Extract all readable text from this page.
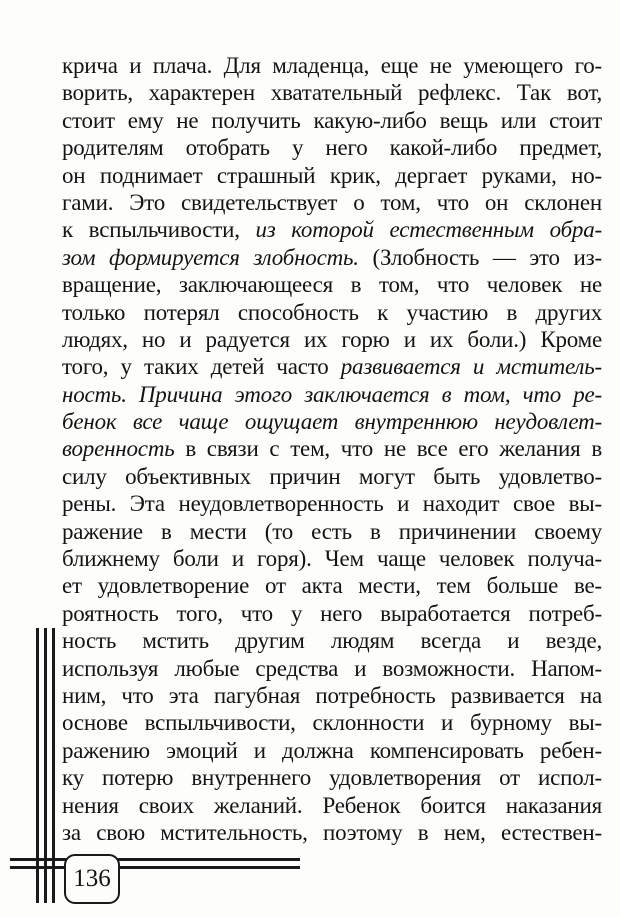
крича и плача. Для младенца, еще не умеющего го-
ворить, характерен хватательный рефлекс. Так вот,
стоит ему не получить какую-либо вещь или стоит
родителям отобрать у него какой-либо предмет,
он поднимает страшный крик, дергает руками, но-
гами. Это свидетельствует о том, что он склонен
к вспыльчивости, из которой естественным обра-
зом формируется злобность. (Злобность — это из-
вращение, заключающееся в том, что человек не
только потерял способность к участию в других
людях, но и радуется их горю и их боли.) Кроме
того, у таких детей часто развивается и мститель-
ность. Причина этого заключается в том, что ре-
бенок все чаще ощущает внутреннюю неудовлет-
воренность в связи с тем, что не все его желания в
силу объективных причин могут быть удовлетво-
рены. Эта неудовлетворенность и находит свое вы-
ражение в мести (то есть в причинении своему
ближнему боли и горя). Чем чаще человек получа-
ет удовлетворение от акта мести, тем больше ве-
роятность того, что у него выработается потреб-
ность мстить другим людям всегда и везде,
используя любые средства и возможности. Напом-
ним, что эта пагубная потребность развивается на
основе вспыльчивости, склонности и бурному вы-
ражению эмоций и должна компенсировать ребен-
ку потерю внутреннего удовлетворения от испол-
нения своих желаний. Ребенок боится наказания
за свою мстительность, поэтому в нем, естествен-
136
